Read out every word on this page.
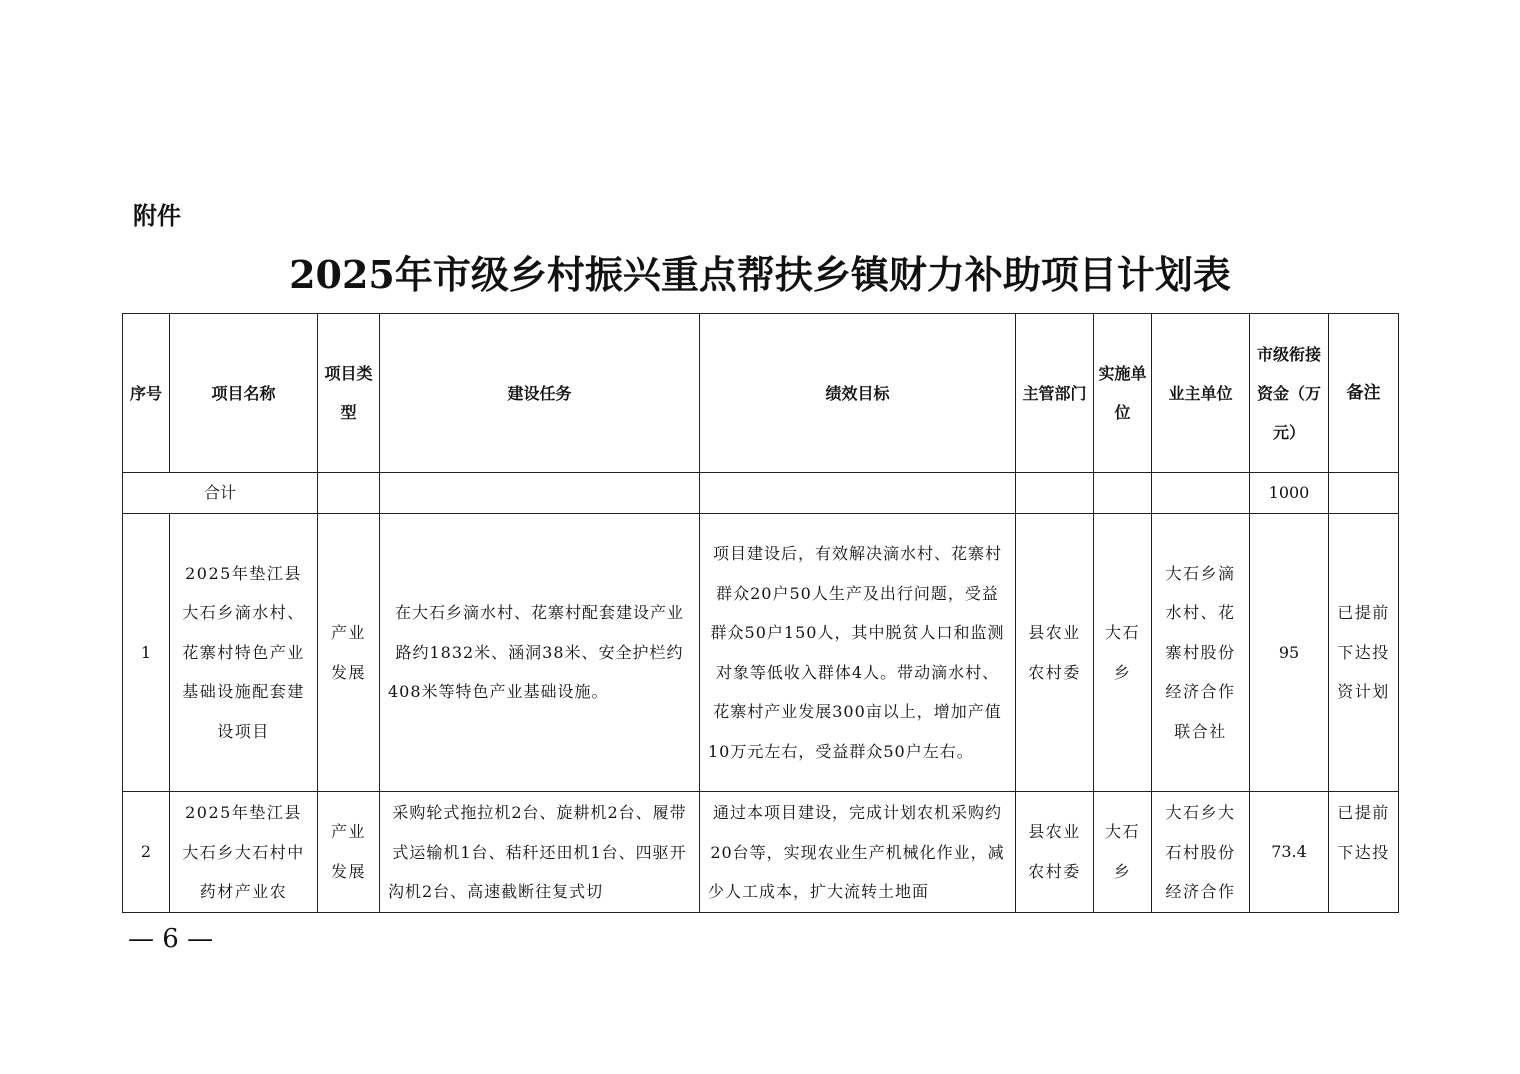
附件
2025年市级乡村振兴重点帮扶乡镇财力补助项目计划表
序号	项目名称	项目类型	建设任务	绩效目标	主管部门	实施单位	业主单位	市级衔接资金（万元）	备注
合计								1000	
1	2025年垫江县大石乡滴水村、花寨村特色产业基础设施配套建设项目	产业发展	在大石乡滴水村、花寨村配套建设产业路约1832米、涵洞38米、安全护栏约408米等特色产业基础设施。	项目建设后，有效解决滴水村、花寨村群众20户50人生产及出行问题，受益群众50户150人，其中脱贫人口和监测对象等低收入群体4人。带动滴水村、花寨村产业发展300亩以上，增加产值10万元左右，受益群众50户左右。	县农业农村委	大石乡	大石乡滴水村、花寨村股份经济合作联合社	95	已提前下达投资计划
2	2025年垫江县大石乡大石村中药材产业农	产业发展	采购轮式拖拉机2台、旋耕机2台、履带式运输机1台、秸秆还田机1台、四驱开沟机2台、高速截断往复式切	通过本项目建设，完成计划农机采购约20台等，实现农业生产机械化作业，减少人工成本，扩大流转土地面	县农业农村委	大石乡	大石乡大石村股份经济合作	73.4	已提前下达投
— 6 —
